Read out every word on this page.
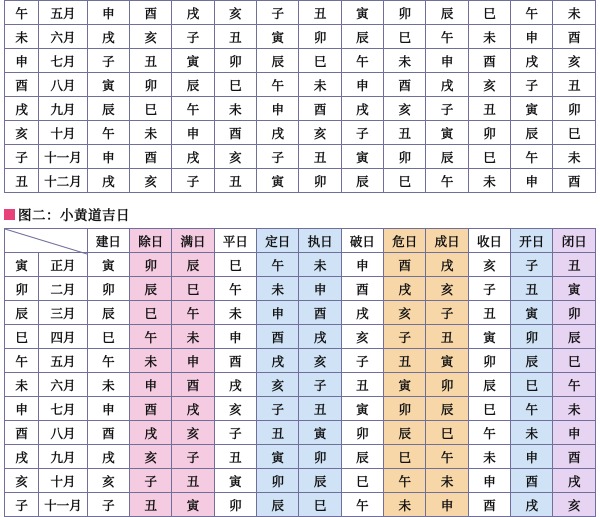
午	五月	申	酉	戌	亥	子	丑	寅	卯	辰	巳	午	未
未	六月	戌	亥	子	丑	寅	卯	辰	巳	午	未	申	酉
申	七月	子	丑	寅	卯	辰	巳	午	未	申	酉	戌	亥
酉	八月	寅	卯	辰	巳	午	未	申	酉	戌	亥	子	丑
戌	九月	辰	巳	午	未	申	酉	戌	亥	子	丑	寅	卯
亥	十月	午	未	申	酉	戌	亥	子	丑	寅	卯	辰	巳
子	十一月	申	酉	戌	亥	子	丑	寅	卯	辰	巳	午	未
丑	十二月	戌	亥	子	丑	寅	卯	辰	巳	午	未	申	酉
图二：小黄道吉日
	建日	除日	满日	平日	定日	执日	破日	危日	成日	收日	开日	闭日
寅	正月	寅	卯	辰	巳	午	未	申	酉	戌	亥	子	丑
卯	二月	卯	辰	巳	午	未	申	酉	戌	亥	子	丑	寅
辰	三月	辰	巳	午	未	申	酉	戌	亥	子	丑	寅	卯
巳	四月	巳	午	未	申	酉	戌	亥	子	丑	寅	卯	辰
午	五月	午	未	申	酉	戌	亥	子	丑	寅	卯	辰	巳
未	六月	未	申	酉	戌	亥	子	丑	寅	卯	辰	巳	午
申	七月	申	酉	戌	亥	子	丑	寅	卯	辰	巳	午	未
酉	八月	酉	戌	亥	子	丑	寅	卯	辰	巳	午	未	申
戌	九月	戌	亥	子	丑	寅	卯	辰	巳	午	未	申	酉
亥	十月	亥	子	丑	寅	卯	辰	巳	午	未	申	酉	戌
子	十一月	子	丑	寅	卯	辰	巳	午	未	申	酉	戌	亥
